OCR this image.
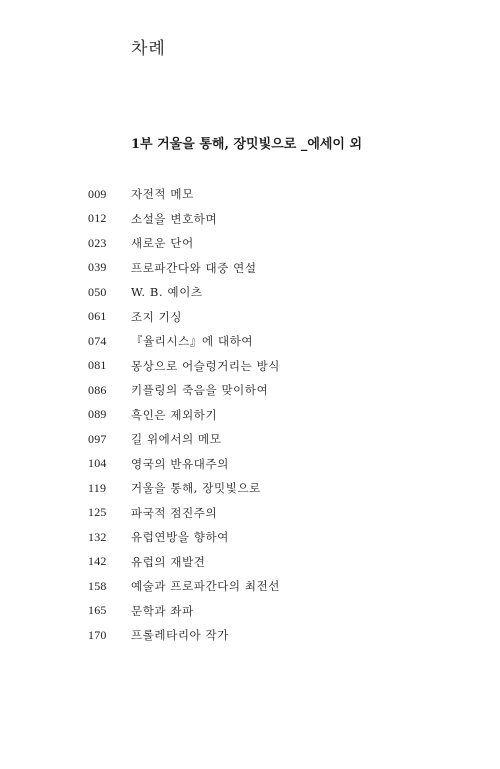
차례
1부 거울을 통해, 장밋빛으로 _에세이 외
009	자전적 메모
012	소설을 변호하며
023	새로운 단어
039	프로파간다와 대중 연설
050	W. B. 예이츠
061	조지 기싱
074	『율리시스』에 대하여
081	몽상으로 어슬렁거리는 방식
086	키플링의 죽음을 맞이하여
089	흑인은 제외하기
097	길 위에서의 메모
104	영국의 반유대주의
119	거울을 통해, 장밋빛으로
125	파국적 점진주의
132	유럽연방을 향하여
142	유럽의 재발견
158	예술과 프로파간다의 최전선
165	문학과 좌파
170	프롤레타리아 작가
